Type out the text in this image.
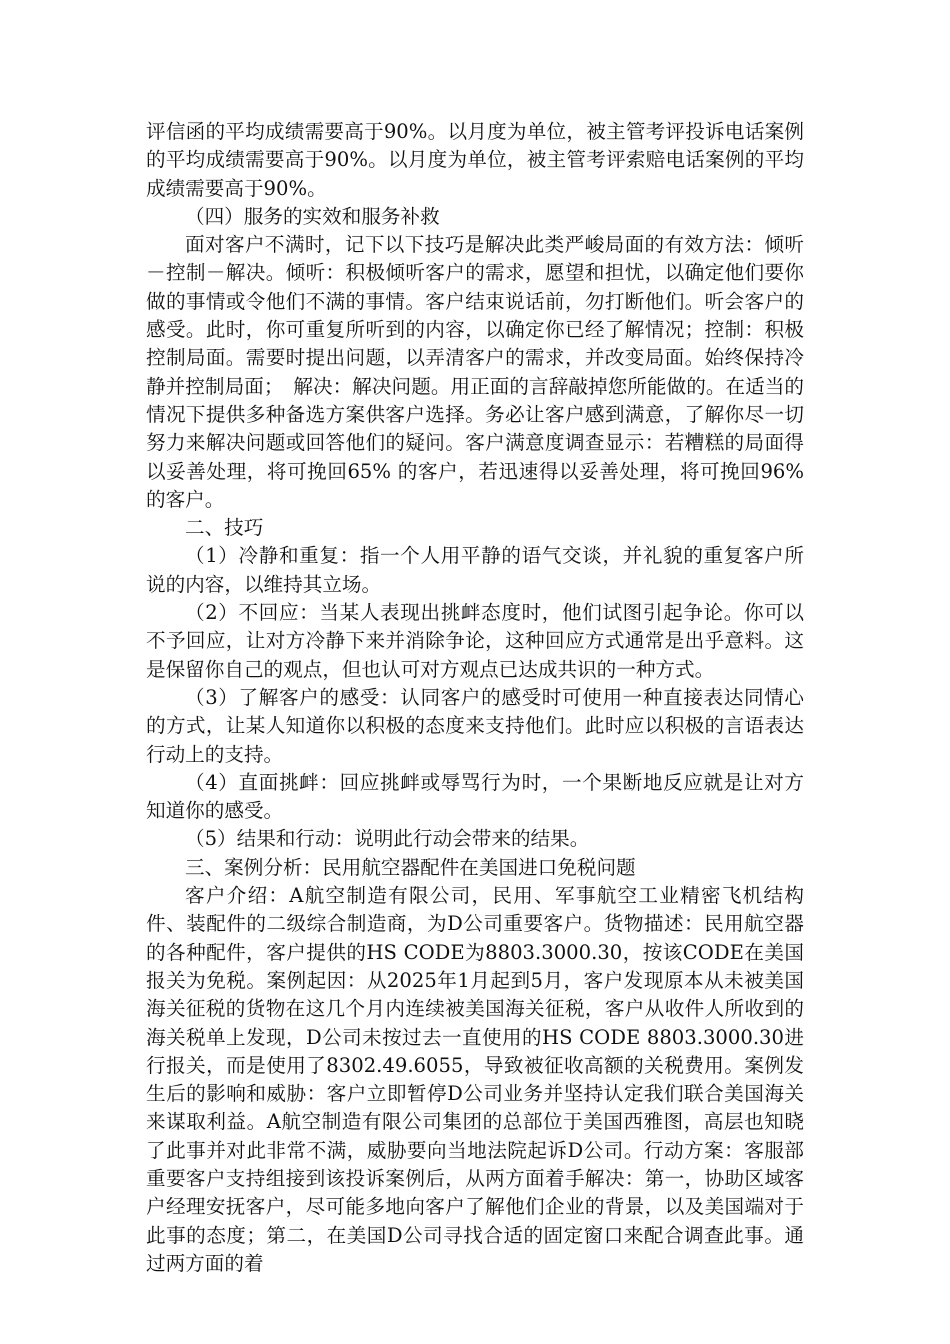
评信函的平均成绩需要高于90%。以月度为单位，被主管考评投诉电话案例的平均成绩需要高于90%。以月度为单位，被主管考评索赔电话案例的平均成绩需要高于90%。

（四）服务的实效和服务补救

面对客户不满时，记下以下技巧是解决此类严峻局面的有效方法：倾听－控制－解决。倾听：积极倾听客户的需求，愿望和担忧，以确定他们要你做的事情或令他们不满的事情。客户结束说话前，勿打断他们。听会客户的感受。此时，你可重复所听到的内容，以确定你已经了解情况；控制：积极控制局面。需要时提出问题，以弄清客户的需求，并改变局面。始终保持冷静并控制局面；　解决：解决问题。用正面的言辞敲掉您所能做的。在适当的情况下提供多种备选方案供客户选择。务必让客户感到满意，了解你尽一切努力来解决问题或回答他们的疑问。客户满意度调查显示：若糟糕的局面得以妥善处理，将可挽回65% 的客户，若迅速得以妥善处理，将可挽回96%的客户。

二、技巧

（1）冷静和重复：指一个人用平静的语气交谈，并礼貌的重复客户所说的内容，以维持其立场。

（2）不回应：当某人表现出挑衅态度时，他们试图引起争论。你可以不予回应，让对方冷静下来并消除争论，这种回应方式通常是出乎意料。这是保留你自己的观点，但也认可对方观点已达成共识的一种方式。

（3）了解客户的感受：认同客户的感受时可使用一种直接表达同情心的方式，让某人知道你以积极的态度来支持他们。此时应以积极的言语表达行动上的支持。

（4）直面挑衅：回应挑衅或辱骂行为时，一个果断地反应就是让对方知道你的感受。

（5）结果和行动：说明此行动会带来的结果。

三、案例分析：民用航空器配件在美国进口免税问题

客户介绍：A航空制造有限公司，民用、军事航空工业精密飞机结构件、装配件的二级综合制造商，为D公司重要客户。货物描述：民用航空器的各种配件，客户提供的HS CODE为8803.3000.30，按该CODE在美国报关为免税。案例起因：从2025年1月起到5月，客户发现原本从未被美国海关征税的货物在这几个月内连续被美国海关征税，客户从收件人所收到的海关税单上发现，D公司未按过去一直使用的HS CODE 8803.3000.30进行报关，而是使用了8302.49.6055，导致被征收高额的关税费用。案例发生后的影响和威胁：客户立即暂停D公司业务并坚持认定我们联合美国海关来谋取利益。A航空制造有限公司集团的总部位于美国西雅图，高层也知晓了此事并对此非常不满，威胁要向当地法院起诉D公司。行动方案：客服部重要客户支持组接到该投诉案例后，从两方面着手解决：第一，协助区域客户经理安抚客户，尽可能多地向客户了解他们企业的背景，以及美国端对于此事的态度；第二，在美国D公司寻找合适的固定窗口来配合调查此事。通过两方面的着
